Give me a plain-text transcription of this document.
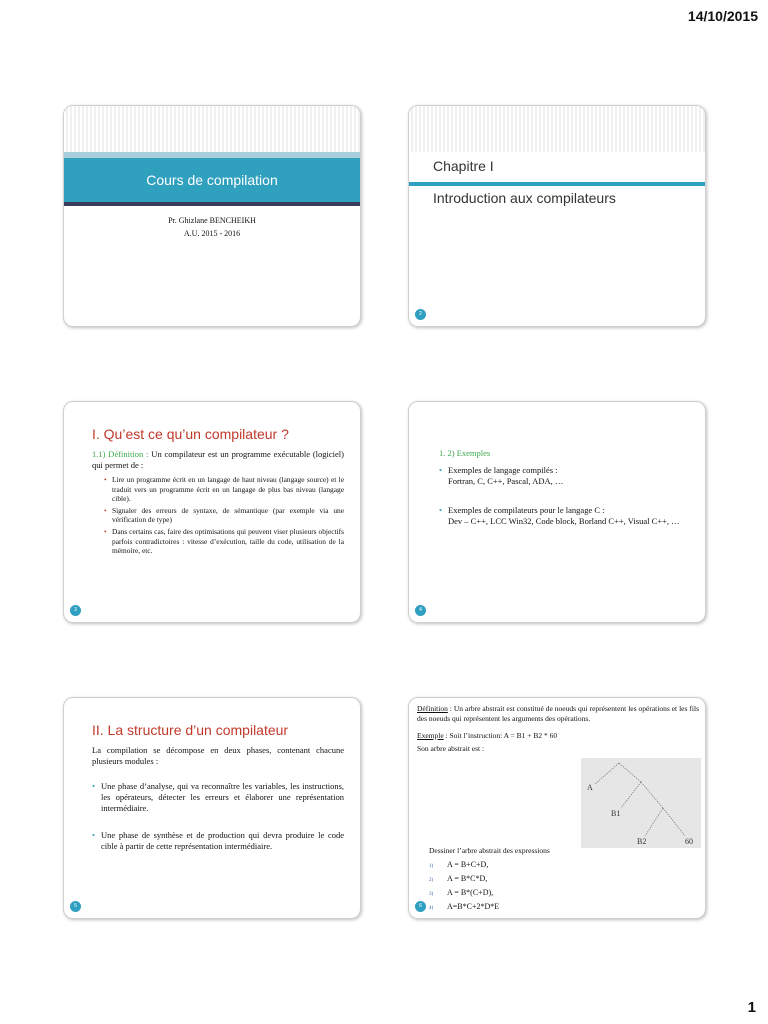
14/10/2015
Cours de compilation
Pr. Ghizlane BENCHEIKH
A.U. 2015 - 2016
Chapitre I
Introduction aux compilateurs
2
I. Qu’est ce qu’un compilateur ?
1.1) Définition : Un compilateur est un programme exécutable (logiciel) qui permet de :
• Lire un programme écrit en un langage de haut niveau (langage source) et le traduit vers un programme écrit en un langage de plus bas niveau (langage cible).
• Signaler des erreurs de syntaxe, de sémantique (par exemple via une vérification de type)
• Dans certains cas, faire des optimisations qui peuvent viser plusieurs objectifs parfois contradictoires : vitesse d’exécution, taille du code, utilisation de la mémoire, etc.
3
1. 2) Exemples
• Exemples de langage compilés :
Fortran, C, C++, Pascal, ADA, …
• Exemples de compilateurs pour le langage C :
Dev – C++, LCC Win32, Code block, Borland C++, Visual C++, …
4
II. La structure d’un compilateur
La compilation se décompose en deux phases, contenant chacune plusieurs modules :
• Une phase d’analyse, qui va reconnaître les variables, les instructions, les opérateurs, détecter les erreurs et élaborer une représentation intermédiaire.
• Une phase de synthèse et de production qui devra produire le code cible à partir de cette représentation intermédiaire.
5
Définition : Un arbre abstrait est constitué de noeuds qui représentent les opérations et les fils des noeuds qui représentent les arguments des opérations.
Exemple : Soit l’instruction: A = B1 + B2 * 60
Son arbre abstrait est :
A
B1
B2	60
Dessiner l’arbre abstrait des expressions
1) A = B+C+D,
2) A = B*C*D,
3) A = B*(C+D),
4) A=B*C+2*D*E
6
1
